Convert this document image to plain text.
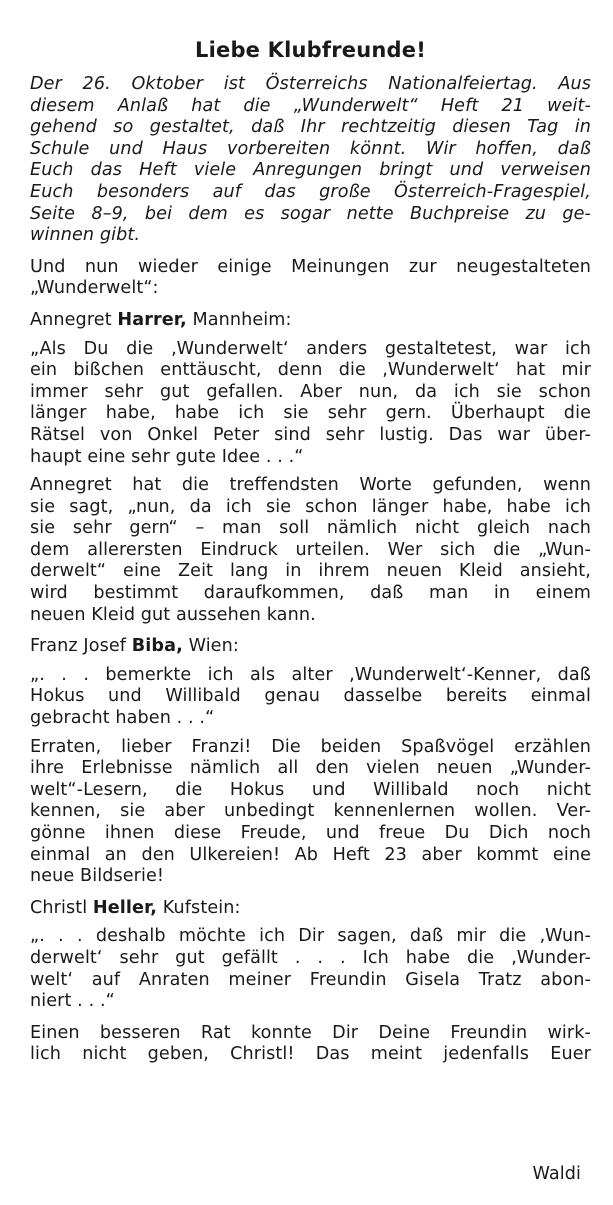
Liebe Klubfreunde!

Der 26. Oktober ist Österreichs Nationalfeiertag. Aus
diesem Anlaß hat die „Wunderwelt“ Heft 21 weit-
gehend so gestaltet, daß Ihr rechtzeitig diesen Tag in
Schule und Haus vorbereiten könnt. Wir hoffen, daß
Euch das Heft viele Anregungen bringt und verweisen
Euch besonders auf das große Österreich-Fragespiel,
Seite 8–9, bei dem es sogar nette Buchpreise zu ge-
winnen gibt.

Und nun wieder einige Meinungen zur neugestalteten
„Wunderwelt“:

Annegret Harrer, Mannheim:

„Als Du die ‚Wunderwelt‘ anders gestaltetest, war ich
ein bißchen enttäuscht, denn die ‚Wunderwelt‘ hat mir
immer sehr gut gefallen. Aber nun, da ich sie schon
länger habe, habe ich sie sehr gern. Überhaupt die
Rätsel von Onkel Peter sind sehr lustig. Das war über-
haupt eine sehr gute Idee . . .“

Annegret hat die treffendsten Worte gefunden, wenn
sie sagt, „nun, da ich sie schon länger habe, habe ich
sie sehr gern“ – man soll nämlich nicht gleich nach
dem allerersten Eindruck urteilen. Wer sich die „Wun-
derwelt“ eine Zeit lang in ihrem neuen Kleid ansieht,
wird bestimmt daraufkommen, daß man in einem
neuen Kleid gut aussehen kann.

Franz Josef Biba, Wien:

„. . . bemerkte ich als alter ‚Wunderwelt‘-Kenner, daß
Hokus und Willibald genau dasselbe bereits einmal
gebracht haben . . .“

Erraten, lieber Franzi! Die beiden Spaßvögel erzählen
ihre Erlebnisse nämlich all den vielen neuen „Wunder-
welt“-Lesern, die Hokus und Willibald noch nicht
kennen, sie aber unbedingt kennenlernen wollen. Ver-
gönne ihnen diese Freude, und freue Du Dich noch
einmal an den Ulkereien! Ab Heft 23 aber kommt eine
neue Bildserie!

Christl Heller, Kufstein:

„. . . deshalb möchte ich Dir sagen, daß mir die ‚Wun-
derwelt‘ sehr gut gefällt . . . Ich habe die ‚Wunder-
welt‘ auf Anraten meiner Freundin Gisela Tratz abon-
niert . . .“

Einen besseren Rat konnte Dir Deine Freundin wirk-
lich nicht geben, Christl! Das meint jedenfalls Euer

Waldi
